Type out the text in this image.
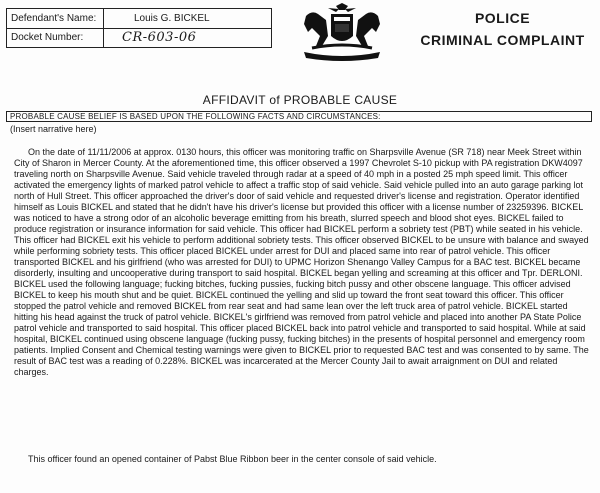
Defendant's Name:	Louis G. BICKEL
Docket Number:	CR-603-06
POLICE
CRIMINAL COMPLAINT
AFFIDAVIT of PROBABLE CAUSE
PROBABLE CAUSE BELIEF IS BASED UPON THE FOLLOWING FACTS AND CIRCUMSTANCES:
(Insert narrative here)

On the date of 11/11/2006 at approx. 0130 hours, this officer was monitoring traffic on Sharpsville Avenue (SR 718) near Meek Street within City of Sharon in Mercer County. At the aforementioned time, this officer observed a 1997 Chevrolet S-10 pickup with PA registration DKW4097 traveling north on Sharpsville Avenue. Said vehicle traveled through radar at a speed of 40 mph in a posted 25 mph speed limit. This officer activated the emergency lights of marked patrol vehicle to affect a traffic stop of said vehicle. Said vehicle pulled into an auto garage parking lot north of Hull Street. This officer approached the driver's door of said vehicle and requested driver's license and registration. Operator identified himself as Louis BICKEL and stated that he didn't have his driver's license but provided this officer with a license number of 23259396. BICKEL was noticed to have a strong odor of an alcoholic beverage emitting from his breath, slurred speech and blood shot eyes. BICKEL failed to produce registration or insurance information for said vehicle. This officer had BICKEL perform a sobriety test (PBT) while seated in his vehicle. This officer had BICKEL exit his vehicle to perform additional sobriety tests. This officer observed BICKEL to be unsure with balance and swayed while performing sobriety tests. This officer placed BICKEL under arrest for DUI and placed same into rear of patrol vehicle. This officer transported BICKEL and his girlfriend (who was arrested for DUI) to UPMC Horizon Shenango Valley Campus for a BAC test. BICKEL became disorderly, insulting and uncooperative during transport to said hospital. BICKEL began yelling and screaming at this officer and Tpr. DERLONI. BICKEL used the following language; fucking bitches, fucking pussies, fucking bitch pussy and other obscene language. This officer advised BICKEL to keep his mouth shut and be quiet. BICKEL continued the yelling and slid up toward the front seat toward this officer. This officer stopped the patrol vehicle and removed BICKEL from rear seat and had same lean over the left truck area of patrol vehicle. BICKEL started hitting his head against the truck of patrol vehicle. BICKEL's girlfriend was removed from patrol vehicle and placed into another PA State Police patrol vehicle and transported to said hospital. This officer placed BICKEL back into patrol vehicle and transported to said hospital. While at said hospital, BICKEL continued using obscene language (fucking pussy, fucking bitches) in the presents of hospital personnel and emergency room patients. Implied Consent and Chemical testing warnings were given to BICKEL prior to requested BAC test and was consented to by same. The result of BAC test was a reading of 0.228%. BICKEL was incarcerated at the Mercer County Jail to await arraignment on DUI and related charges.

This officer found an opened container of Pabst Blue Ribbon beer in the center console of said vehicle.
